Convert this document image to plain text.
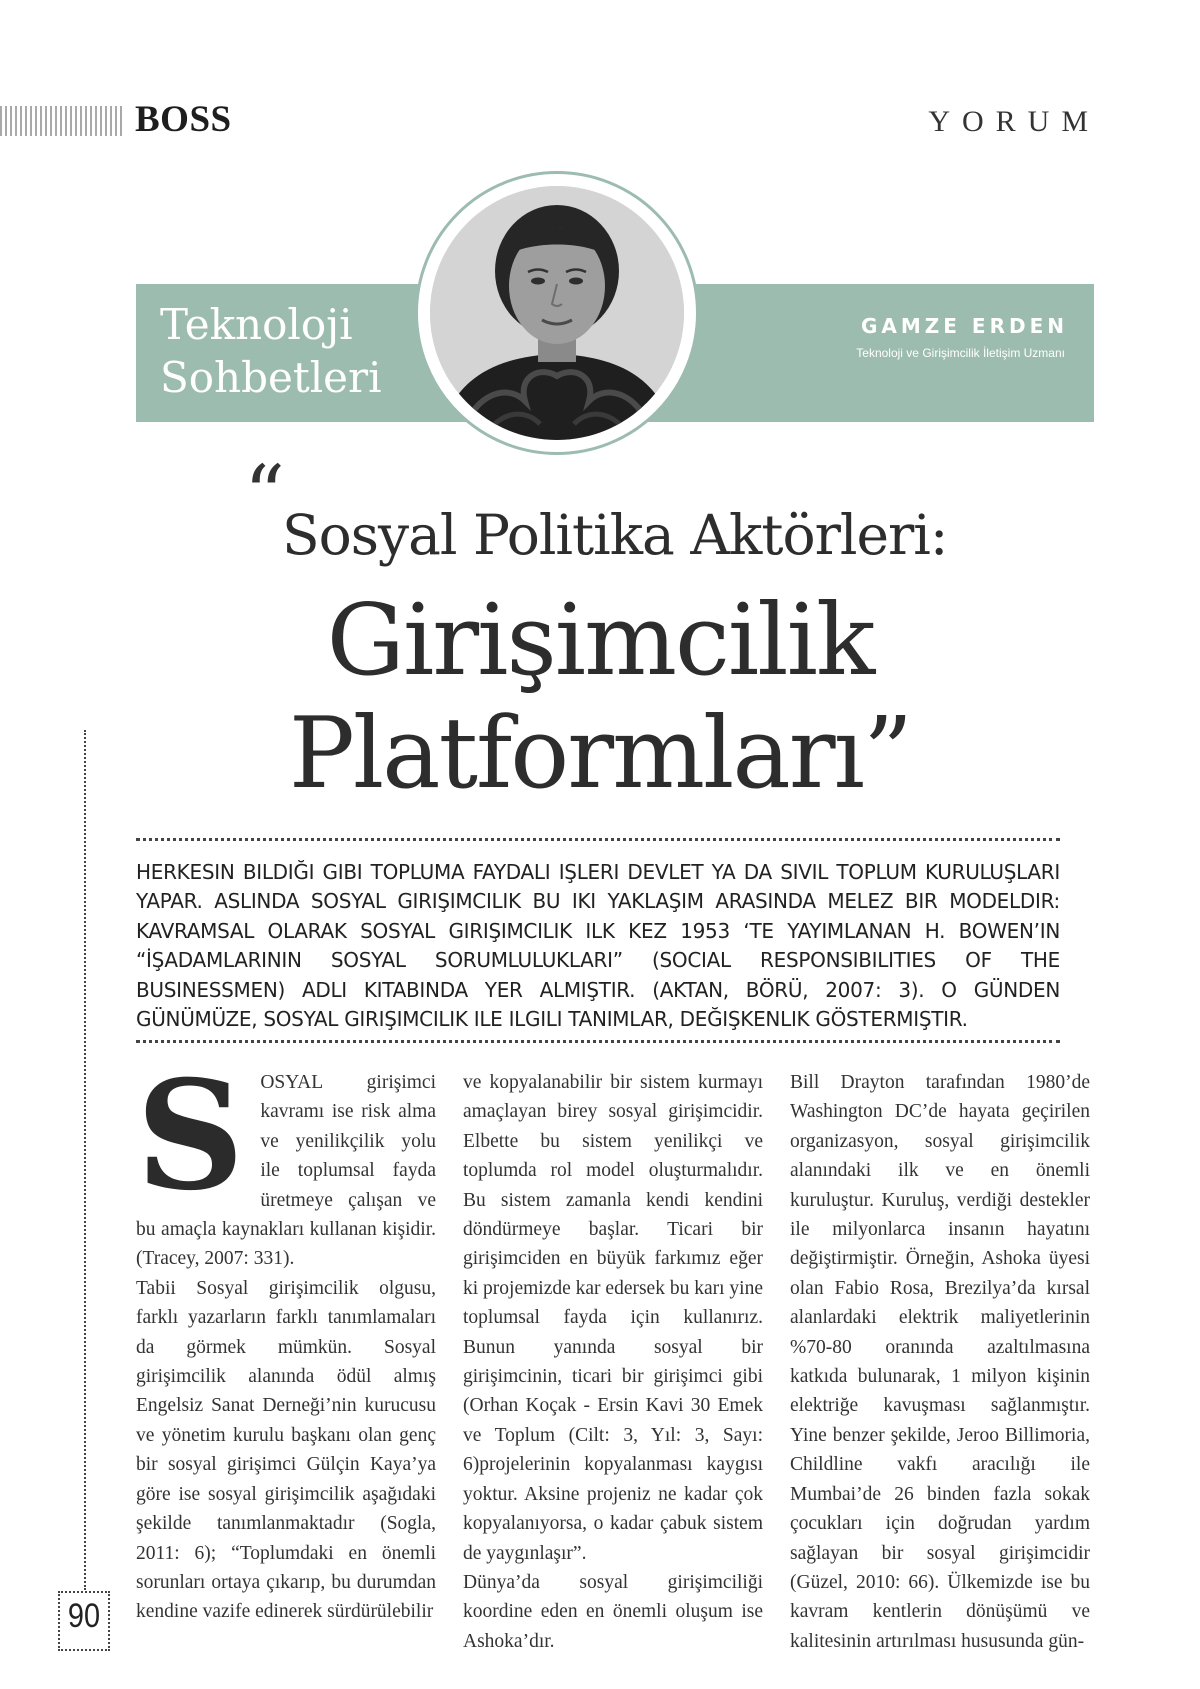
BOSS	YORUM
Teknoloji
Sohbetleri
GAMZE ERDEN
Teknoloji ve Girişimcilik İletişim Uzmanı
“
Sosyal Politika Aktörleri:
Girişimcilik
Platformları”
HERKESIN BILDIĞI GIBI TOPLUMA FAYDALI IŞLERI DEVLET YA DA SIVIL TOPLUM KURULUŞLARI YAPAR. ASLINDA SOSYAL GIRIŞIMCILIK BU IKI YAKLAŞIM ARASINDA MELEZ BIR MODELDIR: KAVRAMSAL OLARAK SOSYAL GIRIŞIMCILIK ILK KEZ 1953 ‘TE YAYIMLANAN H. BOWEN’IN “İŞADAMLARININ SOSYAL SORUMLULUKLARI” (SOCIAL RESPONSIBILITIES OF THE BUSINESSMEN) ADLI KITABINDA YER ALMIŞTIR. (AKTAN, BÖRÜ, 2007: 3). O GÜNDEN GÜNÜMÜZE, SOSYAL GIRIŞIMCILIK ILE ILGILI TANIMLAR, DEĞIŞKENLIK GÖSTERMIŞTIR.
S OSYAL girişimci kavramı ise risk alma ve yenilikçilik yolu ile toplumsal fayda üretmeye çalışan ve bu amaçla kaynakları kullanan kişidir. (Tracey, 2007: 331).
Tabii Sosyal girişimcilik olgusu, farklı yazarların farklı tanımlamaları da görmek mümkün. Sosyal girişimcilik alanında ödül almış Engelsiz Sanat Derneği’nin kurucusu ve yönetim kurulu başkanı olan genç bir sosyal girişimci Gülçin Kaya’ya göre ise sosyal girişimcilik aşağıdaki şekilde tanımlanmaktadır (Sogla, 2011: 6); “Toplumdaki en önemli sorunları ortaya çıkarıp, bu durumdan kendine vazife edinerek sürdürülebilir
ve kopyalanabilir bir sistem kurmayı amaçlayan birey sosyal girişimcidir. Elbette bu sistem yenilikçi ve toplumda rol model oluşturmalıdır. Bu sistem zamanla kendi kendini döndürmeye başlar. Ticari bir girişimciden en büyük farkımız eğer ki projemizde kar edersek bu karı yine toplumsal fayda için kullanırız. Bunun yanında sosyal bir girişimcinin, ticari bir girişimci gibi (Orhan Koçak - Ersin Kavi 30 Emek ve Toplum (Cilt: 3, Yıl: 3, Sayı: 6)projelerinin kopyalanması kaygısı yoktur. Aksine projeniz ne kadar çok kopyalanıyorsa, o kadar çabuk sistem de yaygınlaşır”.
Dünya’da sosyal girişimciliği koordine eden en önemli oluşum ise Ashoka’dır.
Bill Drayton tarafından 1980’de Washington DC’de hayata geçirilen organizasyon, sosyal girişimcilik alanındaki ilk ve en önemli kuruluştur. Kuruluş, verdiği destekler ile milyonlarca insanın hayatını değiştirmiştir. Örneğin, Ashoka üyesi olan Fabio Rosa, Brezilya’da kırsal alanlardaki elektrik maliyetlerinin %70-80 oranında azaltılmasına katkıda bulunarak, 1 milyon kişinin elektriğe kavuşması sağlanmıştır. Yine benzer şekilde, Jeroo Billimoria, Childline vakfı aracılığı ile Mumbai’de 26 binden fazla sokak çocukları için doğrudan yardım sağlayan bir sosyal girişimcidir (Güzel, 2010: 66). Ülkemizde ise bu kavram kentlerin dönüşümü ve kalitesinin artırılması hususunda gün-
90
